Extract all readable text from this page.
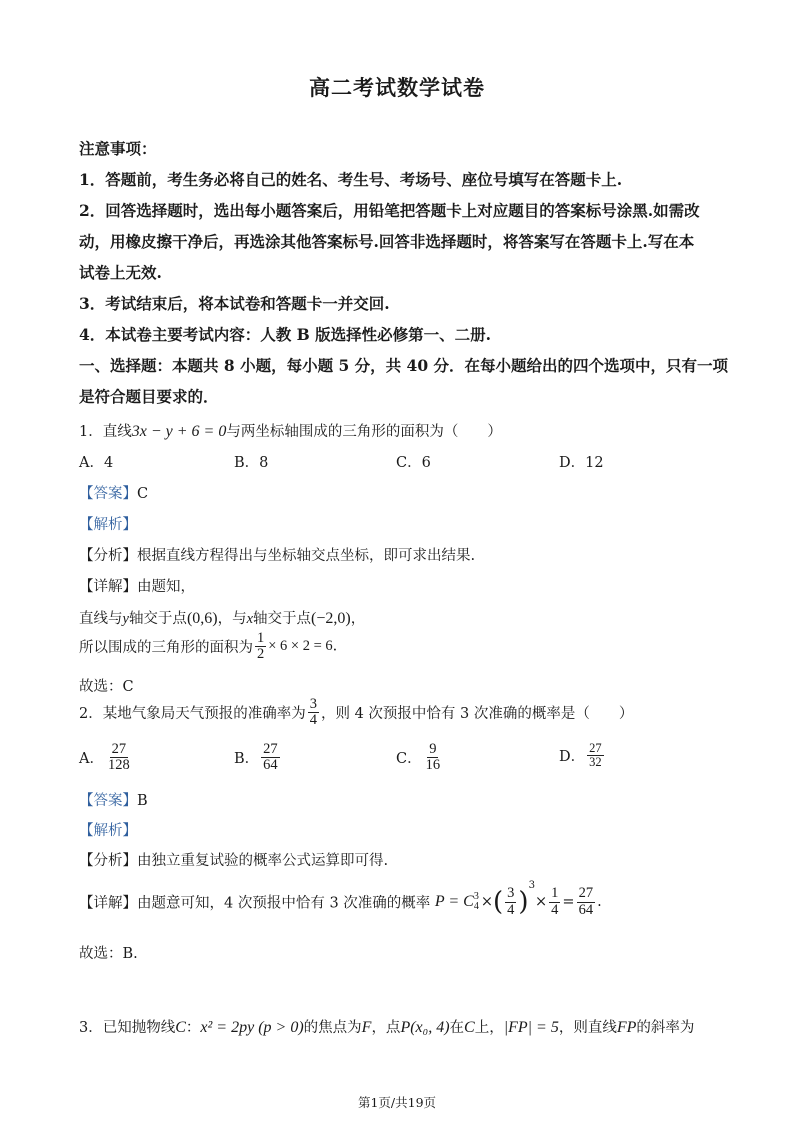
高二考试数学试卷
注意事项：
1．答题前，考生务必将自己的姓名、考生号、考场号、座位号填写在答题卡上.
2．回答选择题时，选出每小题答案后，用铅笔把答题卡上对应题目的答案标号涂黑.如需改
动，用橡皮擦干净后，再选涂其他答案标号.回答非选择题时，将答案写在答题卡上.写在本
试卷上无效.
3．考试结束后，将本试卷和答题卡一并交回.
4．本试卷主要考试内容：人教 B 版选择性必修第一、二册.
一、选择题：本题共 8 小题，每小题 5 分，共 40 分．在每小题给出的四个选项中，只有一项
是符合题目要求的．
1．直线3x − y + 6 = 0与两坐标轴围成的三角形的面积为（　　）
A．4	B．8	C．6	D．12
【答案】C
【解析】
【分析】根据直线方程得出与坐标轴交点坐标，即可求出结果.
【详解】由题知，
直线与y轴交于点(0,6)，与x轴交于点(−2,0)，
所以围成的三角形的面积为 $\frac{1}{2} \times 6 \times 2 = 6$.
故选：C
2．某地气象局天气预报的准确率为 $\frac{3}{4}$ ，则 4 次预报中恰有 3 次准确的概率是（　　）
A． $\frac{27}{128}$	B． $\frac{27}{64}$	C． $\frac{9}{16}$	D． $\frac{27}{32}$
【答案】B
【解析】
【分析】由独立重复试验的概率公式运算即可得.
【详解】由题意可知，4 次预报中恰有 3 次准确的概率 P = C 3
4 ×( $\frac{3}{4} )^3\times \frac{1}{4} = \frac{27}{64}$ .
故选：B.
3．已知抛物线C：x² = 2py (p > 0)的焦点为F，点P(x₀, 4)在C上，|FP| = 5，则直线FP的斜率为
第1页/共19页
